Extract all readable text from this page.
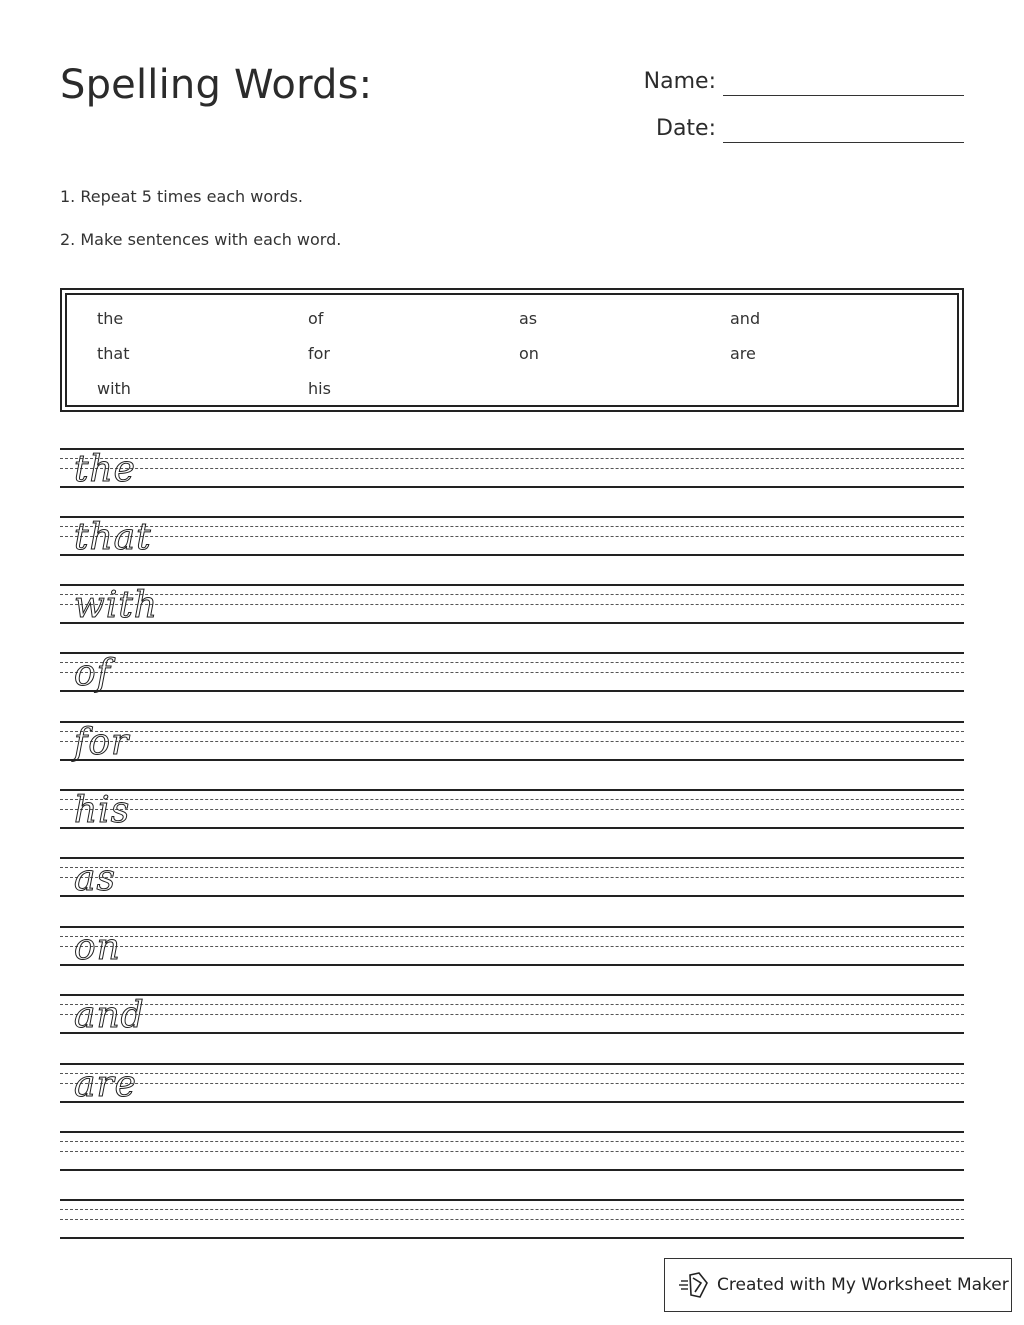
Spelling Words:	Name:
Date:
1. Repeat 5 times each words.
2. Make sentences with each word.
the	of	as	and
that	for	on	are
with	his
the
that
with
of
for
his
as
on
and
are
Created with My Worksheet Maker
